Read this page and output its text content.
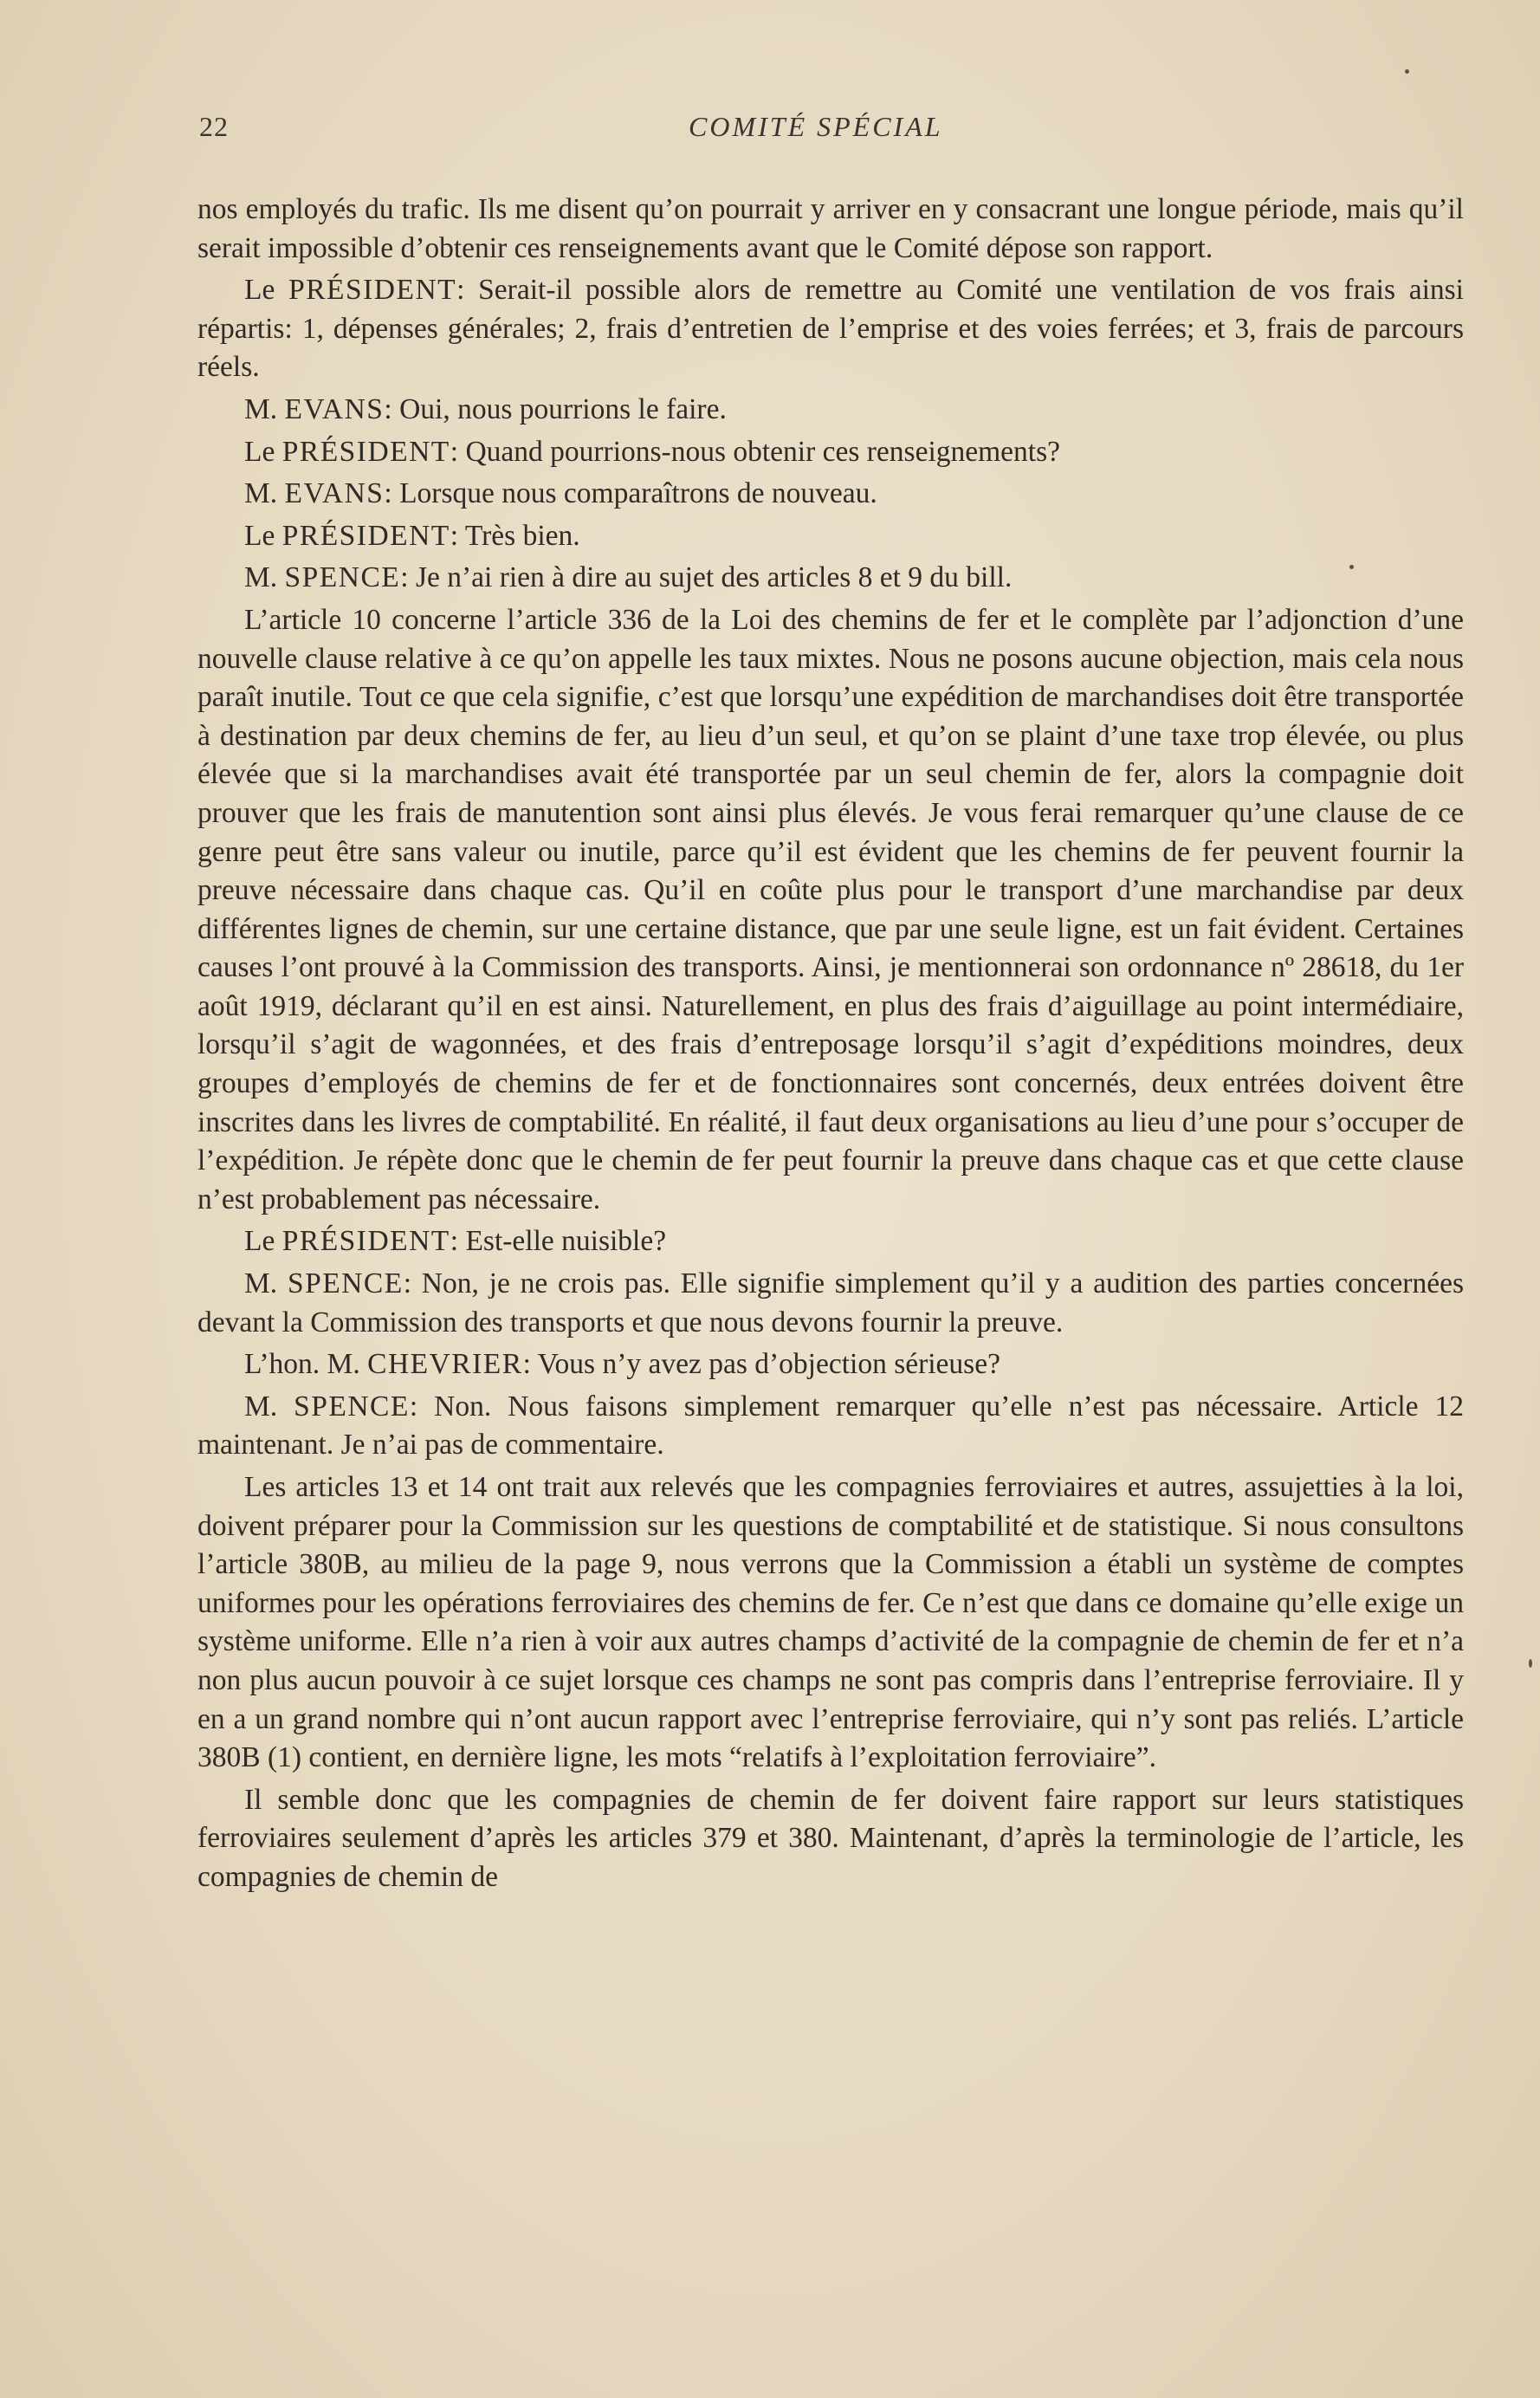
22	COMITÉ SPÉCIAL

nos employés du trafic. Ils me disent qu’on pourrait y arriver en y consacrant une longue période, mais qu’il serait impossible d’obtenir ces renseignements avant que le Comité dépose son rapport.

Le PRÉSIDENT: Serait-il possible alors de remettre au Comité une ventilation de vos frais ainsi répartis: 1, dépenses générales; 2, frais d’entretien de l’emprise et des voies ferrées; et 3, frais de parcours réels.

M. EVANS: Oui, nous pourrions le faire.

Le PRÉSIDENT: Quand pourrions-nous obtenir ces renseignements?

M. EVANS: Lorsque nous comparaîtrons de nouveau.

Le PRÉSIDENT: Très bien.

M. SPENCE: Je n’ai rien à dire au sujet des articles 8 et 9 du bill.

L’article 10 concerne l’article 336 de la Loi des chemins de fer et le complète par l’adjonction d’une nouvelle clause relative à ce qu’on appelle les taux mixtes. Nous ne posons aucune objection, mais cela nous paraît inutile. Tout ce que cela signifie, c’est que lorsqu’une expédition de marchandises doit être transportée à destination par deux chemins de fer, au lieu d’un seul, et qu’on se plaint d’une taxe trop élevée, ou plus élevée que si la marchandises avait été transportée par un seul chemin de fer, alors la compagnie doit prouver que les frais de manutention sont ainsi plus élevés. Je vous ferai remarquer qu’une clause de ce genre peut être sans valeur ou inutile, parce qu’il est évident que les chemins de fer peuvent fournir la preuve nécessaire dans chaque cas. Qu’il en coûte plus pour le transport d’une marchandise par deux différentes lignes de chemin, sur une certaine distance, que par une seule ligne, est un fait évident. Certaines causes l’ont prouvé à la Commission des transports. Ainsi, je mentionnerai son ordonnance nº 28618, du 1er août 1919, déclarant qu’il en est ainsi. Naturellement, en plus des frais d’aiguillage au point intermédiaire, lorsqu’il s’agit de wagonnées, et des frais d’entreposage lorsqu’il s’agit d’expéditions moindres, deux groupes d’employés de chemins de fer et de fonctionnaires sont concernés, deux entrées doivent être inscrites dans les livres de comptabilité. En réalité, il faut deux organisations au lieu d’une pour s’occuper de l’expédition. Je répète donc que le chemin de fer peut fournir la preuve dans chaque cas et que cette clause n’est probablement pas nécessaire.

Le PRÉSIDENT: Est-elle nuisible?

M. SPENCE: Non, je ne crois pas. Elle signifie simplement qu’il y a audition des parties concernées devant la Commission des transports et que nous devons fournir la preuve.

L’hon. M. CHEVRIER: Vous n’y avez pas d’objection sérieuse?

M. SPENCE: Non. Nous faisons simplement remarquer qu’elle n’est pas nécessaire. Article 12 maintenant. Je n’ai pas de commentaire.

Les articles 13 et 14 ont trait aux relevés que les compagnies ferroviaires et autres, assujetties à la loi, doivent préparer pour la Commission sur les questions de comptabilité et de statistique. Si nous consultons l’article 380B, au milieu de la page 9, nous verrons que la Commission a établi un système de comptes uniformes pour les opérations ferroviaires des chemins de fer. Ce n’est que dans ce domaine qu’elle exige un système uniforme. Elle n’a rien à voir aux autres champs d’activité de la compagnie de chemin de fer et n’a non plus aucun pouvoir à ce sujet lorsque ces champs ne sont pas compris dans l’entreprise ferroviaire. Il y en a un grand nombre qui n’ont aucun rapport avec l’entreprise ferroviaire, qui n’y sont pas reliés. L’article 380B (1) contient, en dernière ligne, les mots “relatifs à l’exploitation ferroviaire”.

Il semble donc que les compagnies de chemin de fer doivent faire rapport sur leurs statistiques ferroviaires seulement d’après les articles 379 et 380. Maintenant, d’après la terminologie de l’article, les compagnies de chemin de
